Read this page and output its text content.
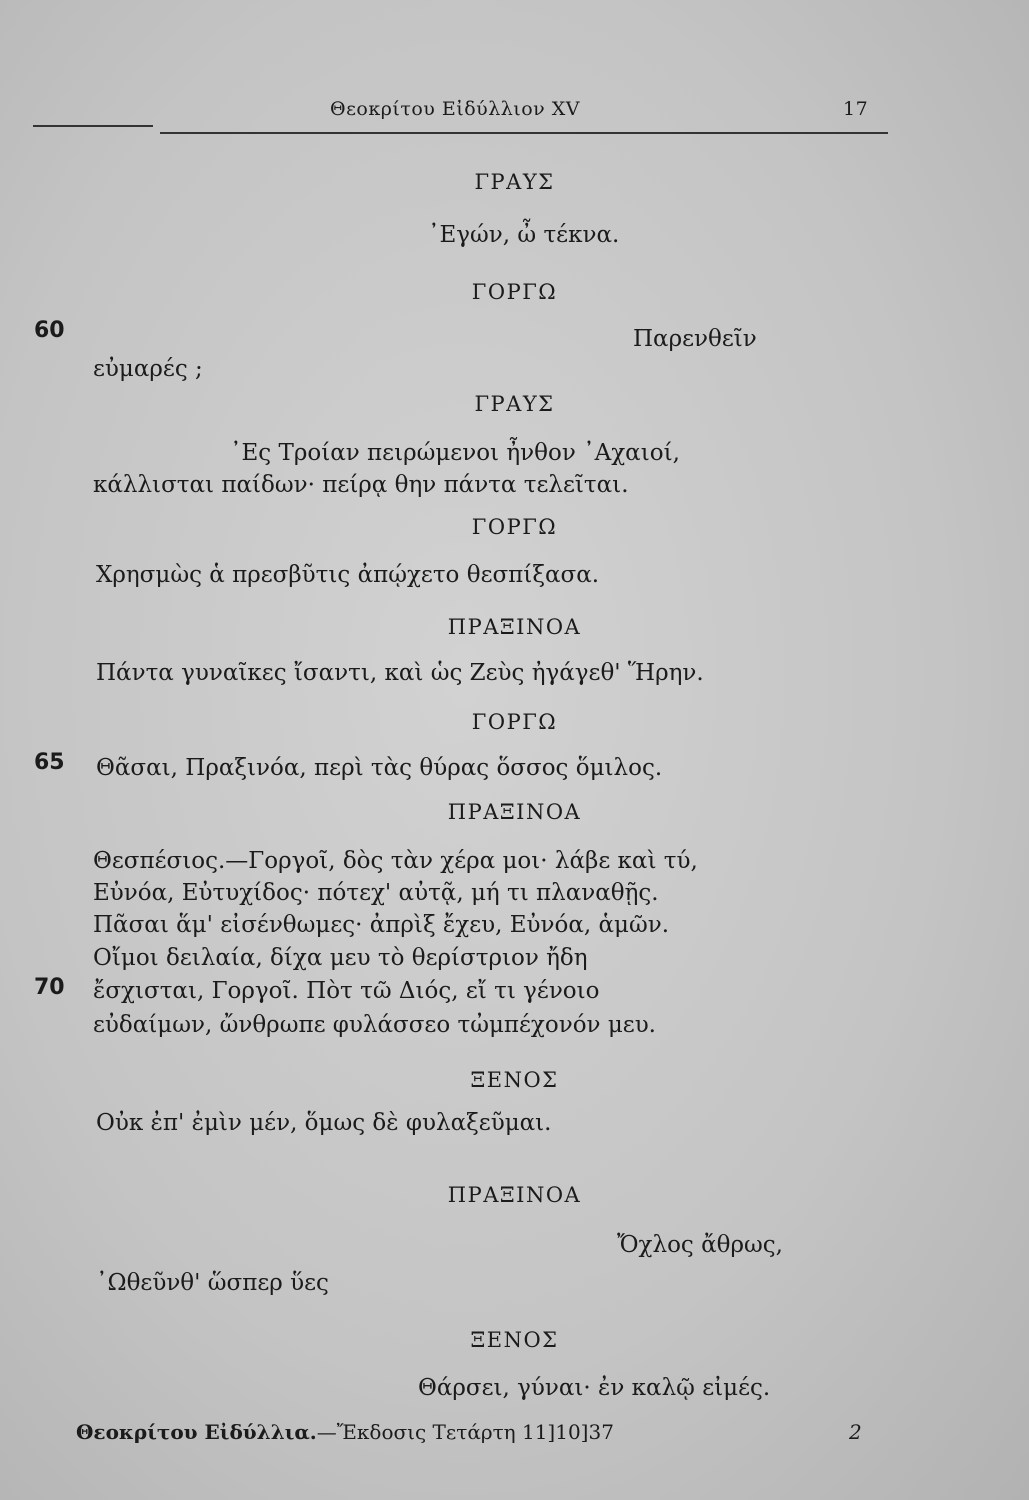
Θεοκρίτου Εἰδύλλιον XV	17
ΓΡΑΥΣ
᾿Εγών, ὦ τέκνα.
ΓΟΡΓΩ
Παρενθεῖν
εὐμαρές ;
ΓΡΑΥΣ
᾿Ες Τροίαν πειρώμενοι ἦνθον ᾿Αχαιοί,
κάλλισται παίδων· πείρᾳ θην πάντα τελεῖται.
ΓΟΡΓΩ
Χρησμὼς ἁ πρεσβῦτις ἀπῴχετο θεσπίξασα.
ΠΡΑΞΙΝΟΑ
Πάντα γυναῖκες ἴσαντι, καὶ ὡς Ζεὺς ἠγάγεθ' Ἥρην.
ΓΟΡΓΩ
Θᾶσαι, Πραξινόα, περὶ τὰς θύρας ὅσσος ὅμιλος.
ΠΡΑΞΙΝΟΑ
Θεσπέσιος.—Γοργοῖ, δὸς τὰν χέρα μοι· λάβε καὶ τύ,
Εὐνόα, Εὐτυχίδος· πότεχ' αὐτᾷ, μή τι πλαναθῇς.
Πᾶσαι ἅμ' εἰσένθωμες· ἀπρὶξ ἔχευ, Εὐνόα, ἁμῶν.
Οἴμοι δειλαία, δίχα μευ τὸ θερίστριον ἤδη
ἔσχισται, Γοργοῖ. Πὸτ τῶ Διός, εἴ τι γένοιο
εὐδαίμων, ὤνθρωπε φυλάσσεο τὠμπέχονόν μευ.
ΞΕΝΟΣ
Οὐκ ἐπ' ἐμὶν μέν, ὅμως δὲ φυλαξεῦμαι.
ΠΡΑΞΙΝΟΑ
Ὄχλος ἄθρως,
᾿Ωθεῦνθ' ὥσπερ ὕες
ΞΕΝΟΣ
Θάρσει, γύναι· ἐν καλῷ εἰμές.
60
65
70
Θεοκρίτου Εἰδύλλια.—Ἔκδοσις Τετάρτη 11]10]37	2
